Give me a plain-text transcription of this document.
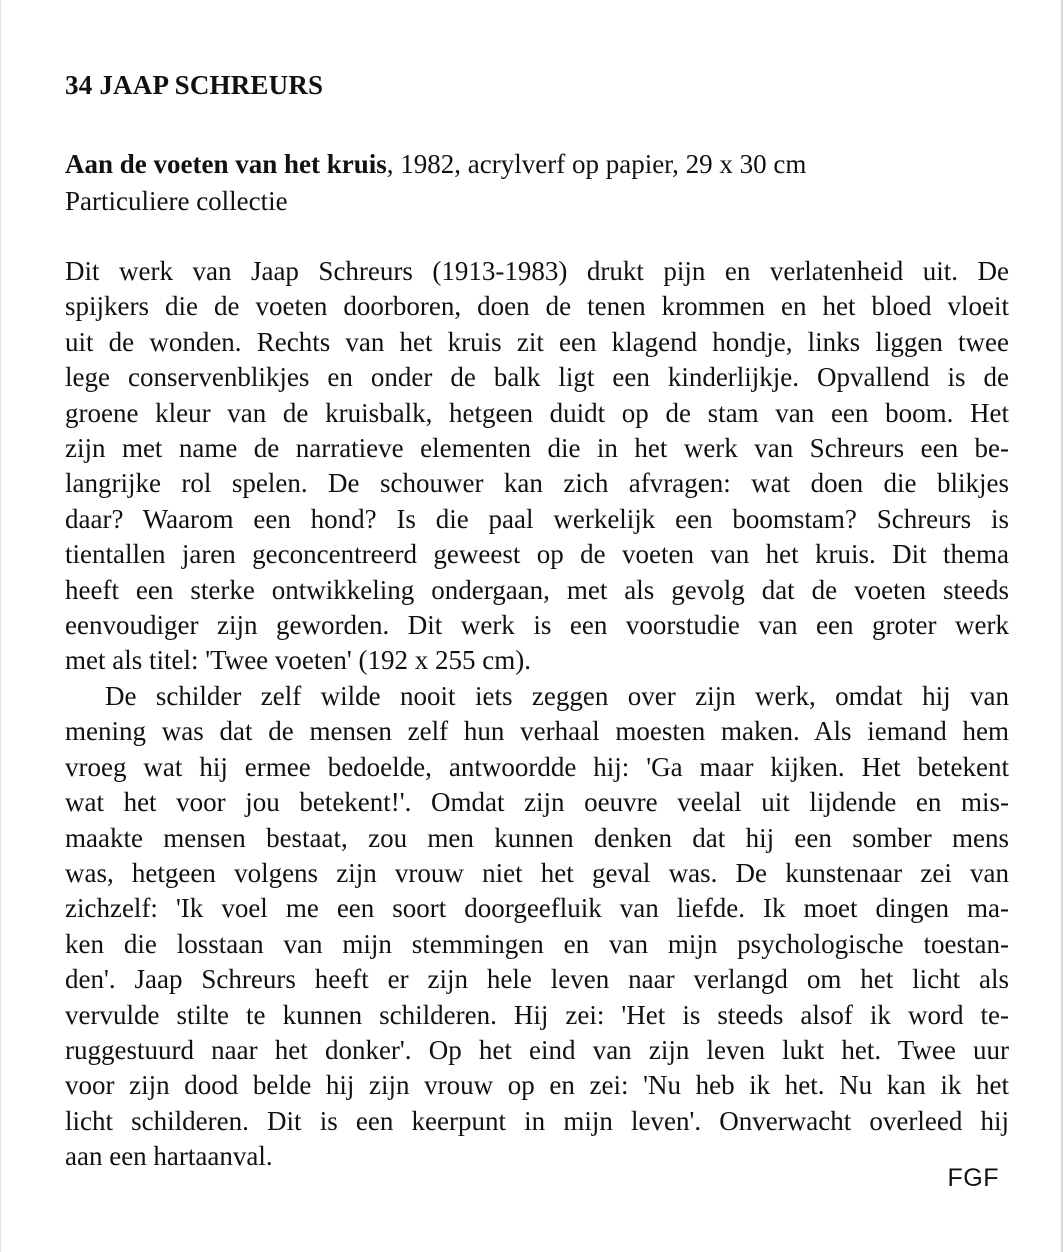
34 JAAP SCHREURS
Aan de voeten van het kruis, 1982, acrylverf op papier, 29 x 30 cm
Particuliere collectie

Dit werk van Jaap Schreurs (1913-1983) drukt pijn en verlatenheid uit. De
spijkers die de voeten doorboren, doen de tenen krommen en het bloed vloeit
uit de wonden. Rechts van het kruis zit een klagend hondje, links liggen twee
lege conservenblikjes en onder de balk ligt een kinderlijkje. Opvallend is de
groene kleur van de kruisbalk, hetgeen duidt op de stam van een boom. Het
zijn met name de narratieve elementen die in het werk van Schreurs een be-
langrijke rol spelen. De schouwer kan zich afvragen: wat doen die blikjes
daar? Waarom een hond? Is die paal werkelijk een boomstam? Schreurs is
tientallen jaren geconcentreerd geweest op de voeten van het kruis. Dit thema
heeft een sterke ontwikkeling ondergaan, met als gevolg dat de voeten steeds
eenvoudiger zijn geworden. Dit werk is een voorstudie van een groter werk
met als titel: 'Twee voeten' (192 x 255 cm).

De schilder zelf wilde nooit iets zeggen over zijn werk, omdat hij van
mening was dat de mensen zelf hun verhaal moesten maken. Als iemand hem
vroeg wat hij ermee bedoelde, antwoordde hij: 'Ga maar kijken. Het betekent
wat het voor jou betekent!'. Omdat zijn oeuvre veelal uit lijdende en mis-
maakte mensen bestaat, zou men kunnen denken dat hij een somber mens
was, hetgeen volgens zijn vrouw niet het geval was. De kunstenaar zei van
zichzelf: 'Ik voel me een soort doorgeefluik van liefde. Ik moet dingen ma-
ken die losstaan van mijn stemmingen en van mijn psychologische toestan-
den'. Jaap Schreurs heeft er zijn hele leven naar verlangd om het licht als
vervulde stilte te kunnen schilderen. Hij zei: 'Het is steeds alsof ik word te-
ruggestuurd naar het donker'. Op het eind van zijn leven lukt het. Twee uur
voor zijn dood belde hij zijn vrouw op en zei: 'Nu heb ik het. Nu kan ik het
licht schilderen. Dit is een keerpunt in mijn leven'. Onverwacht overleed hij
aan een hartaanval.

FGF
